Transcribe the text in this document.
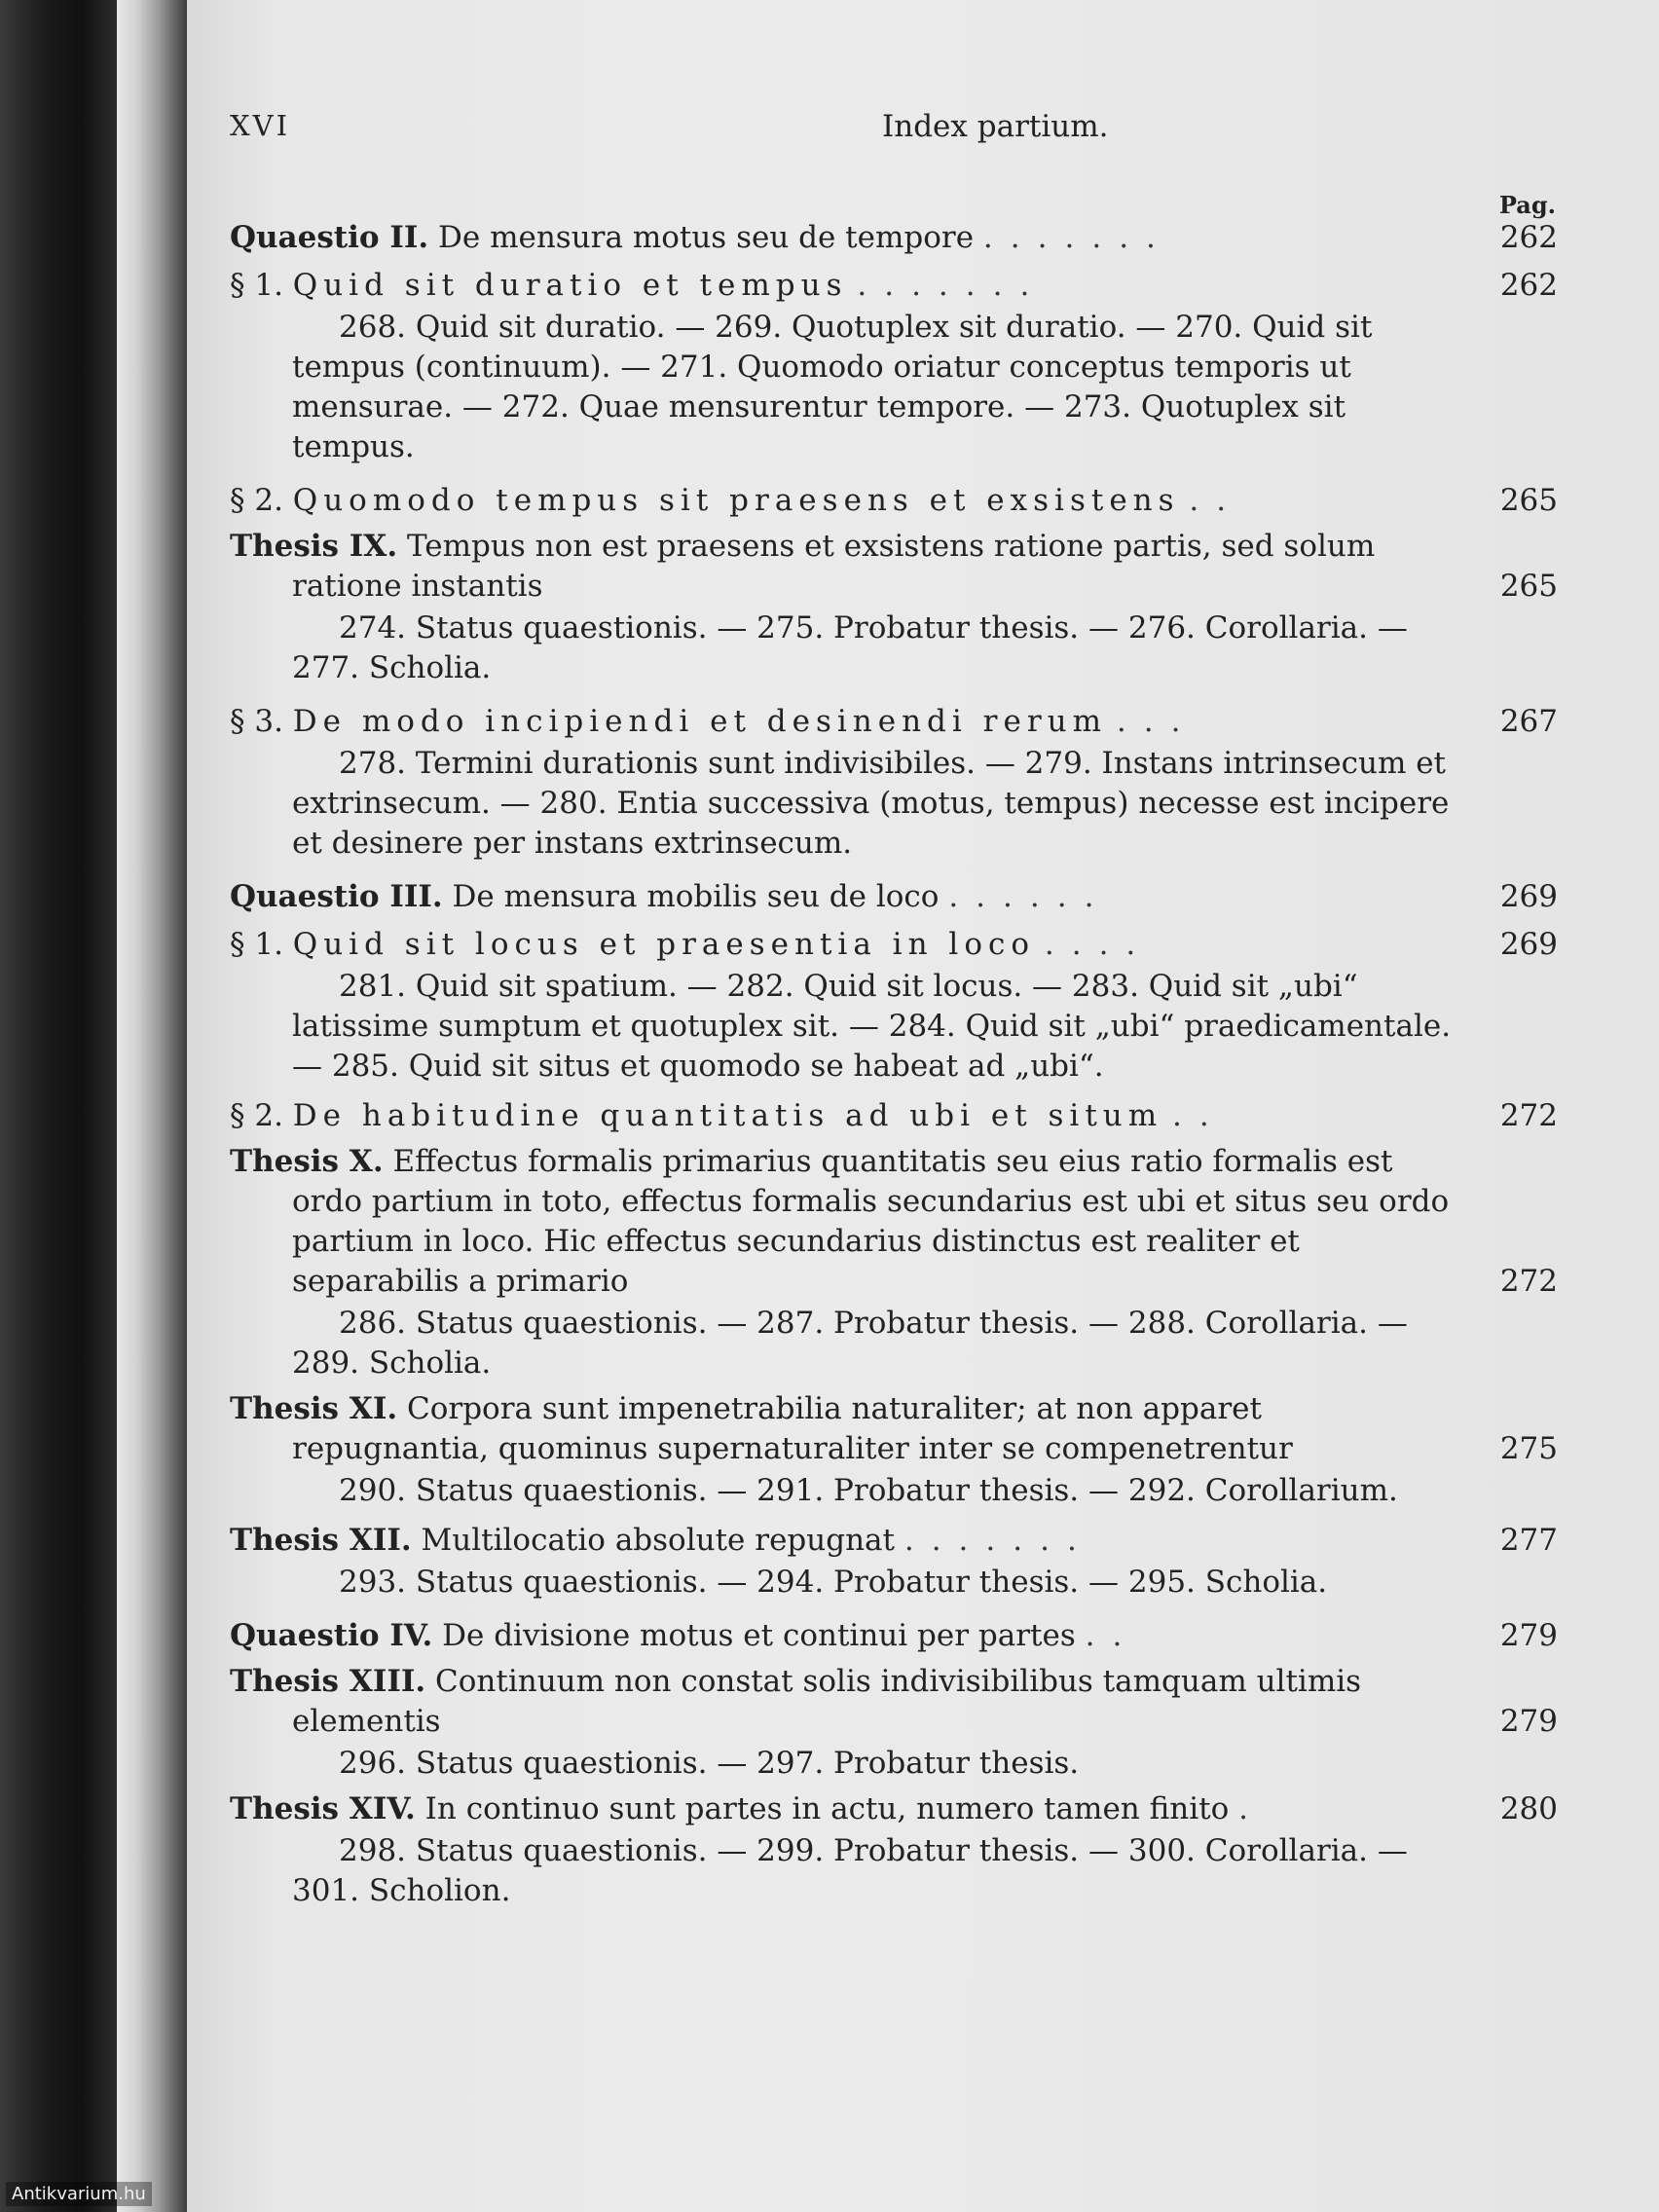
XVI	Index partium.
Pag.
Quaestio II. De mensura motus seu de tempore .......	262
§ 1. Quid sit duratio et tempus .......	262
268. Quid sit duratio. — 269. Quotuplex sit duratio. — 270. Quid sit tempus (continuum). — 271. Quomodo oriatur conceptus temporis ut mensurae. — 272. Quae mensurentur tempore. — 273. Quotuplex sit tempus.
§ 2. Quomodo tempus sit praesens et exsistens ..	265
Thesis IX. Tempus non est praesens et exsistens ratione partis, sed solum ratione instantis	265
274. Status quaestionis. — 275. Probatur thesis. — 276. Corollaria. — 277. Scholia.
§ 3. De modo incipiendi et desinendi rerum ...	267
278. Termini durationis sunt indivisibiles. — 279. Instans intrinsecum et extrinsecum. — 280. Entia successiva (motus, tempus) necesse est incipere et desinere per instans extrinsecum.
Quaestio III. De mensura mobilis seu de loco ......	269
§ 1. Quid sit locus et praesentia in loco ....	269
281. Quid sit spatium. — 282. Quid sit locus. — 283. Quid sit „ubi“ latissime sumptum et quotuplex sit. — 284. Quid sit „ubi“ praedicamentale. — 285. Quid sit situs et quomodo se habeat ad „ubi“.
§ 2. De habitudine quantitatis ad ubi et situm ..	272
Thesis X. Effectus formalis primarius quantitatis seu eius ratio formalis est ordo partium in toto, effectus formalis secundarius est ubi et situs seu ordo partium in loco. Hic effectus secundarius distinctus est realiter et separabilis a primario	272
286. Status quaestionis. — 287. Probatur thesis. — 288. Corollaria. — 289. Scholia.
Thesis XI. Corpora sunt impenetrabilia naturaliter; at non apparet repugnantia, quominus supernaturaliter inter se compenetrentur	275
290. Status quaestionis. — 291. Probatur thesis. — 292. Corollarium.
Thesis XII. Multilocatio absolute repugnat .......	277
293. Status quaestionis. — 294. Probatur thesis. — 295. Scholia.
Quaestio IV. De divisione motus et continui per partes ..	279
Thesis XIII. Continuum non constat solis indivisibilibus tamquam ultimis elementis	279
296. Status quaestionis. — 297. Probatur thesis.
Thesis XIV. In continuo sunt partes in actu, numero tamen finito .	280
298. Status quaestionis. — 299. Probatur thesis. — 300. Corollaria. — 301. Scholion.
Antikvarium.hu
